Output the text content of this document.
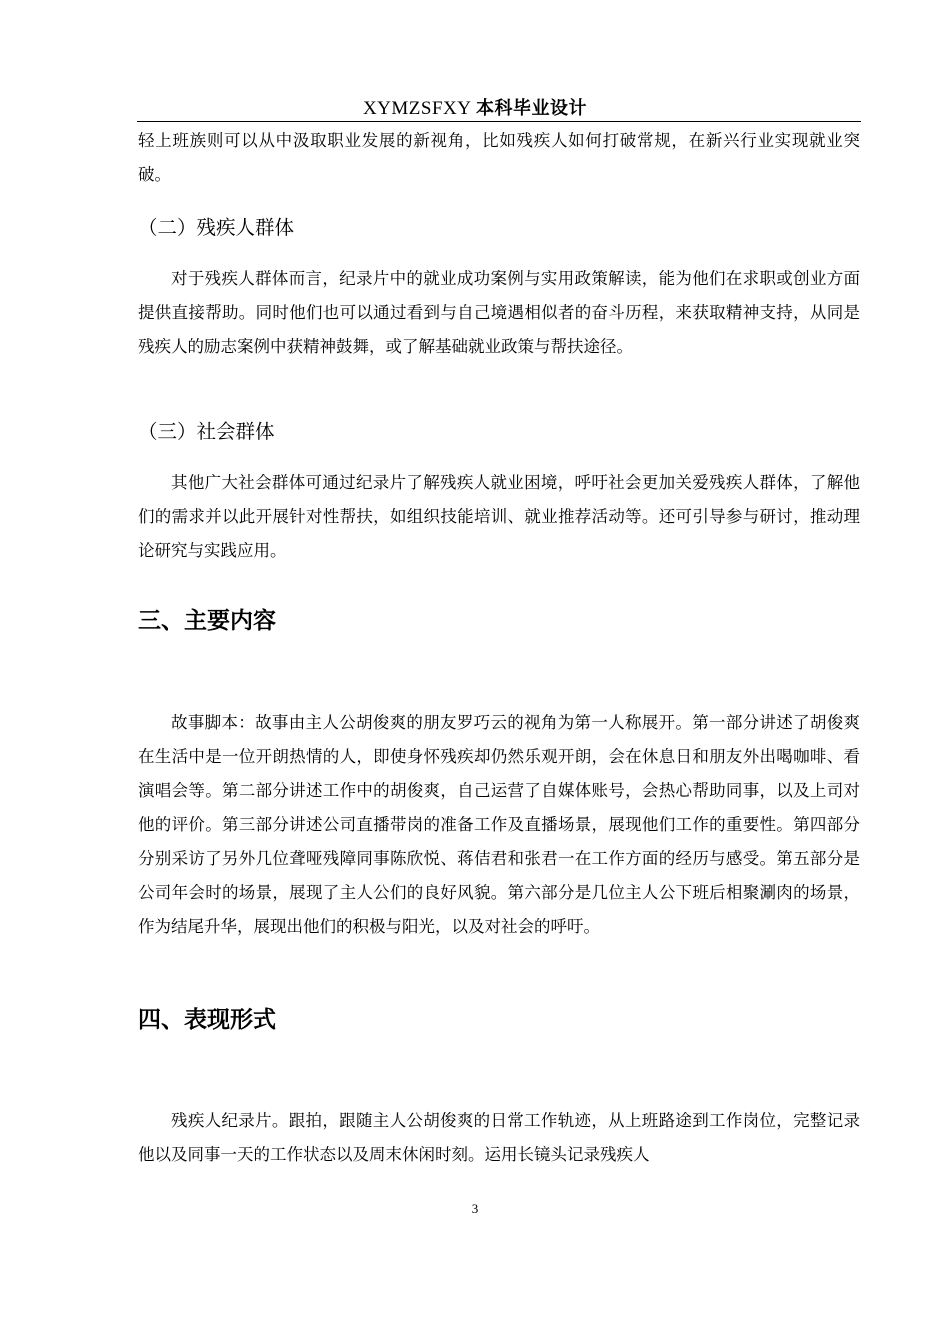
XYMZSFXY 本科毕业设计

轻上班族则可以从中汲取职业发展的新视角，比如残疾人如何打破常规，在新兴行业实现就业突破。

（二）残疾人群体

对于残疾人群体而言，纪录片中的就业成功案例与实用政策解读，能为他们在求职或创业方面提供直接帮助。同时他们也可以通过看到与自己境遇相似者的奋斗历程，来获取精神支持，从同是残疾人的励志案例中获精神鼓舞，或了解基础就业政策与帮扶途径。

（三）社会群体

其他广大社会群体可通过纪录片了解残疾人就业困境，呼吁社会更加关爱残疾人群体，了解他们的需求并以此开展针对性帮扶，如组织技能培训、就业推荐活动等。还可引导参与研讨，推动理论研究与实践应用。

三、主要内容

故事脚本：故事由主人公胡俊爽的朋友罗巧云的视角为第一人称展开。第一部分讲述了胡俊爽在生活中是一位开朗热情的人，即使身怀残疾却仍然乐观开朗，会在休息日和朋友外出喝咖啡、看演唱会等。第二部分讲述工作中的胡俊爽，自己运营了自媒体账号，会热心帮助同事，以及上司对他的评价。第三部分讲述公司直播带岗的准备工作及直播场景，展现他们工作的重要性。第四部分分别采访了另外几位聋哑残障同事陈欣悦、蒋佶君和张君一在工作方面的经历与感受。第五部分是公司年会时的场景，展现了主人公们的良好风貌。第六部分是几位主人公下班后相聚涮肉的场景，作为结尾升华，展现出他们的积极与阳光，以及对社会的呼吁。

四、表现形式

残疾人纪录片。跟拍，跟随主人公胡俊爽的日常工作轨迹，从上班路途到工作岗位，完整记录他以及同事一天的工作状态以及周末休闲时刻。运用长镜头记录残疾人

3
